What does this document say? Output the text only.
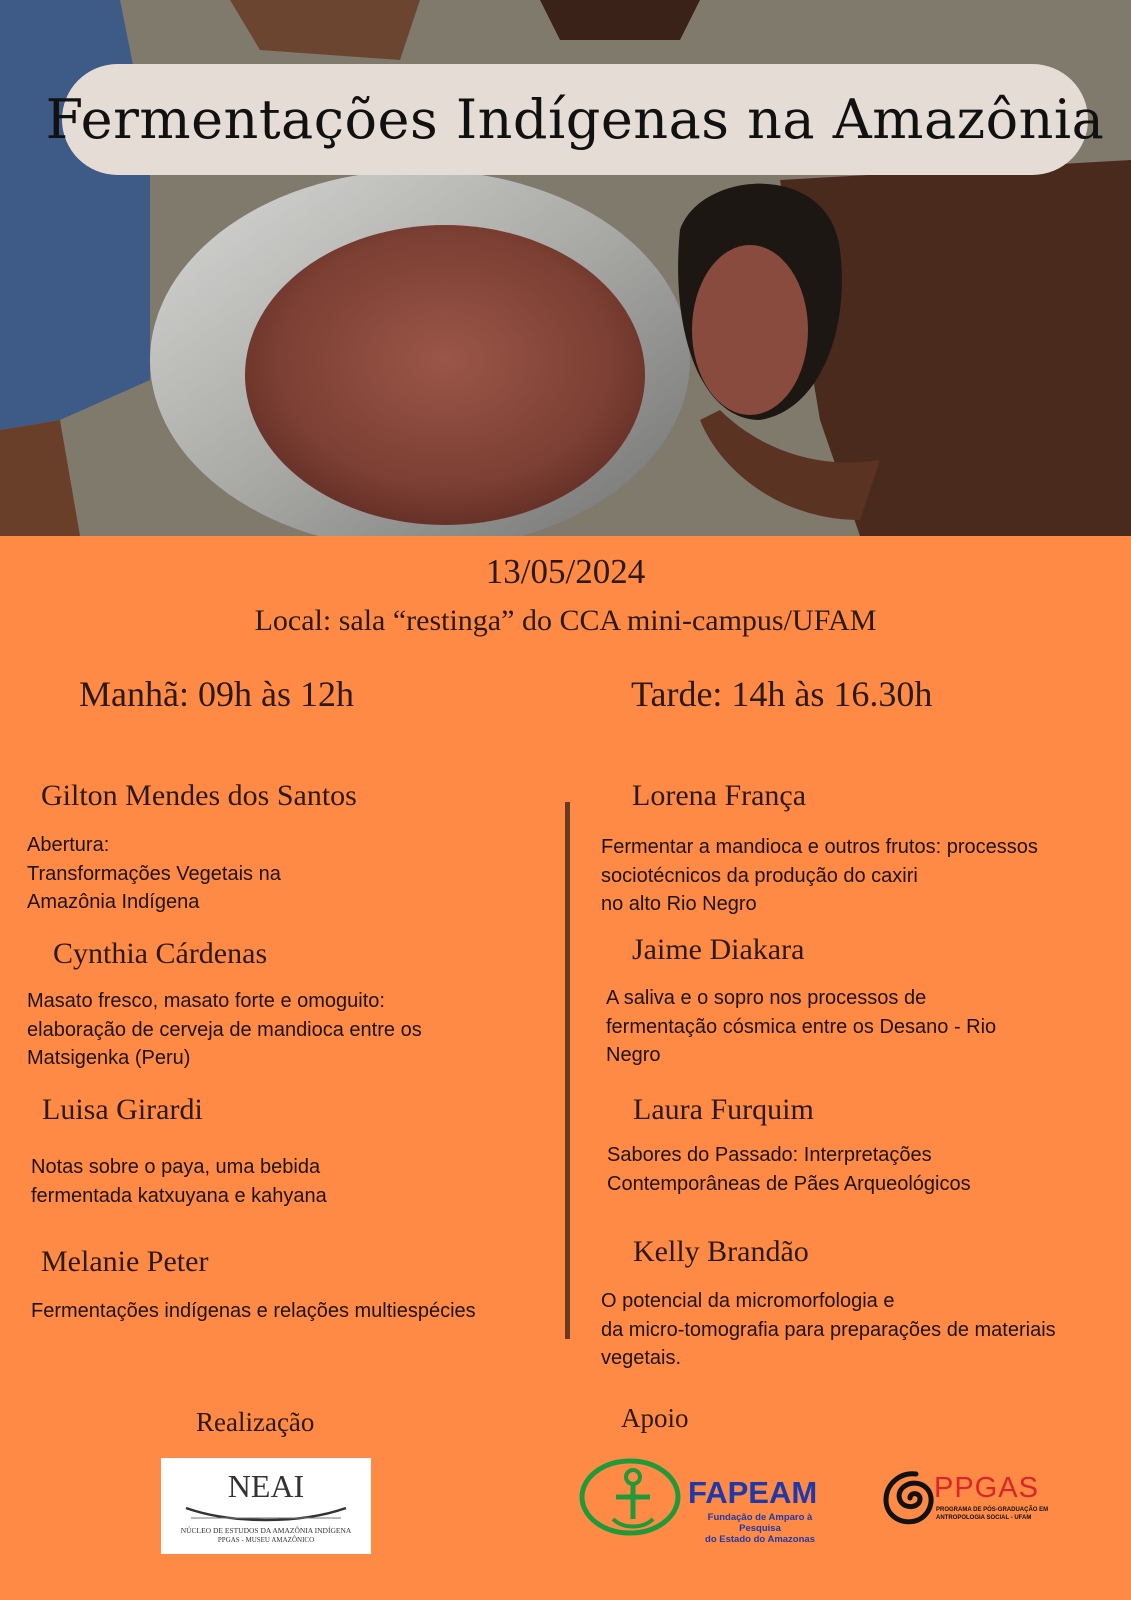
Fermentações Indígenas na Amazônia
13/05/2024
Local: sala “restinga” do CCA mini-campus/UFAM
Manhã: 09h às 12h	Tarde: 14h às 16.30h
Gilton Mendes dos Santos
Abertura:
Transformações Vegetais na
Amazônia Indígena
Cynthia Cárdenas
Masato fresco, masato forte e omoguito:
elaboração de cerveja de mandioca entre os
Matsigenka (Peru)
Luisa Girardi
Notas sobre o paya, uma bebida
fermentada katxuyana e kahyana
Melanie Peter
Fermentações indígenas e relações multiespécies
Lorena França
Fermentar a mandioca e outros frutos: processos
sociotécnicos da produção do caxiri
no alto Rio Negro
Jaime Diakara
A saliva e o sopro nos processos de
fermentação cósmica entre os Desano - Rio
Negro
Laura Furquim
Sabores do Passado: Interpretações
Contemporâneas de Pães Arqueológicos
Kelly Brandão
O potencial da micromorfologia e
da micro-tomografia para preparações de materiais
vegetais.
Realização	Apoio
NEAI
NÚCLEO DE ESTUDOS DA AMAZÔNIA INDÍGENA
PPGAS - MUSEU AMAZÔNICO
FAPEAM
Fundação de Amparo à Pesquisa
do Estado do Amazonas
PPGAS
PROGRAMA DE PÓS-GRADUAÇÃO EM
ANTROPOLOGIA SOCIAL - UFAM
